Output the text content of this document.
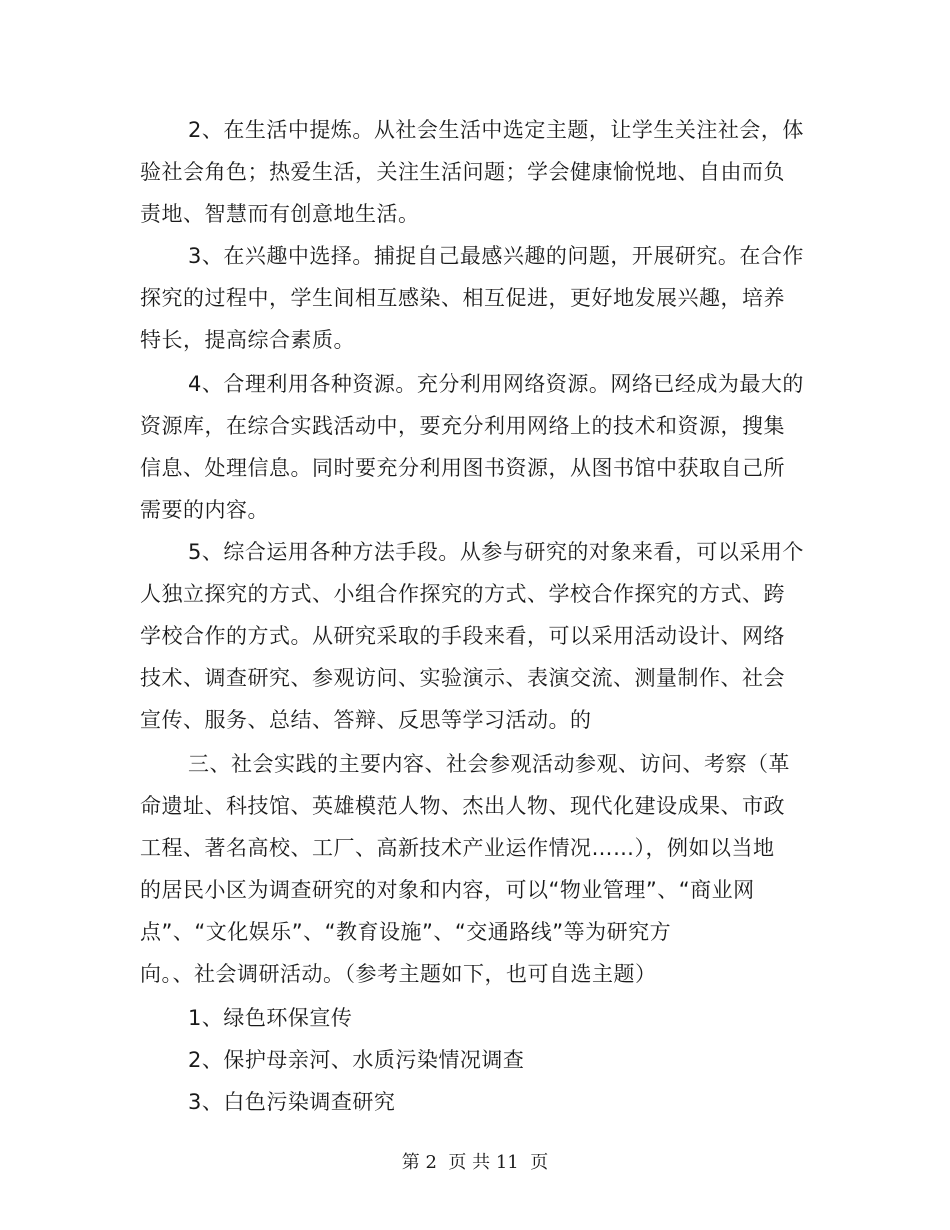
2、在生活中提炼。从社会生活中选定主题，让学生关注社会，体
验社会角色；热爱生活，关注生活问题；学会健康愉悦地、自由而负
责地、智慧而有创意地生活。
3、在兴趣中选择。捕捉自己最感兴趣的问题，开展研究。在合作
探究的过程中，学生间相互感染、相互促进，更好地发展兴趣，培养
特长，提高综合素质。
4、合理利用各种资源。充分利用网络资源。网络已经成为最大的
资源库，在综合实践活动中，要充分利用网络上的技术和资源，搜集
信息、处理信息。同时要充分利用图书资源，从图书馆中获取自己所
需要的内容。
5、综合运用各种方法手段。从参与研究的对象来看，可以采用个
人独立探究的方式、小组合作探究的方式、学校合作探究的方式、跨
学校合作的方式。从研究采取的手段来看，可以采用活动设计、网络
技术、调查研究、参观访问、实验演示、表演交流、测量制作、社会
宣传、服务、总结、答辩、反思等学习活动。的
三、社会实践的主要内容、社会参观活动参观、访问、考察（革
命遗址、科技馆、英雄模范人物、杰出人物、现代化建设成果、市政
工程、著名高校、工厂、高新技术产业运作情况……），例如以当地
的居民小区为调查研究的对象和内容，可以“物业管理”、“商业网
点”、“文化娱乐”、“教育设施”、“交通路线”等为研究方
向。、社会调研活动。（参考主题如下，也可自选主题）
1、绿色环保宣传
2、保护母亲河、水质污染情况调查
3、白色污染调查研究
第 2  页 共 11  页
